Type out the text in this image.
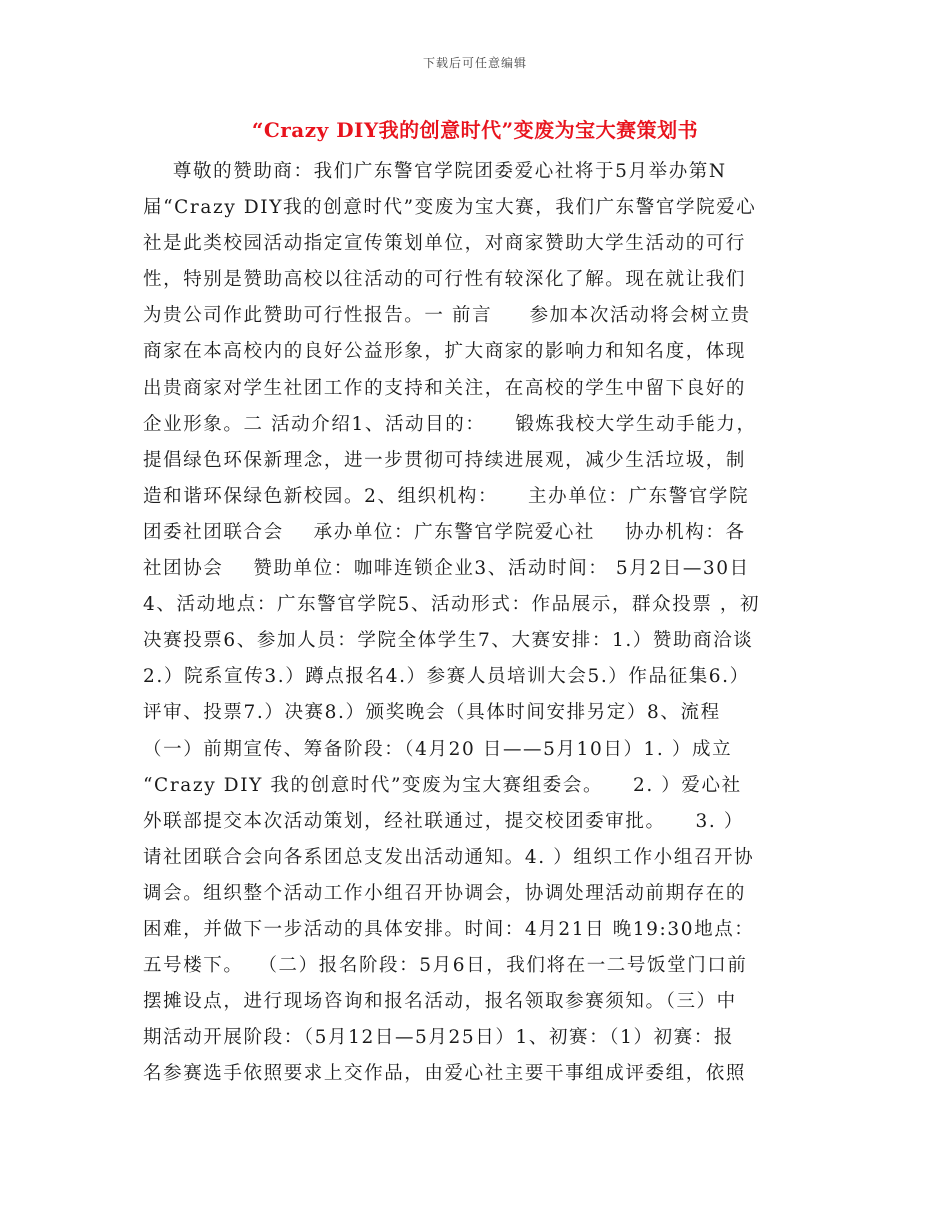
下载后可任意编辑
“Crazy DIY我的创意时代”变废为宝大赛策划书
尊敬的赞助商：我们广东警官学院团委爱心社将于5月举办第N
届“Crazy DIY我的创意时代”变废为宝大赛，我们广东警官学院爱心
社是此类校园活动指定宣传策划单位，对商家赞助大学生活动的可行
性，特别是赞助高校以往活动的可行性有较深化了解。现在就让我们
为贵公司作此赞助可行性报告。一 前言     参加本次活动将会树立贵
商家在本高校内的良好公益形象，扩大商家的影响力和知名度，体现
出贵商家对学生社团工作的支持和关注，在高校的学生中留下良好的
企业形象。二 活动介绍1、活动目的：    锻炼我校大学生动手能力，
提倡绿色环保新理念，进一步贯彻可持续进展观，减少生活垃圾，制
造和谐环保绿色新校园。2、组织机构：    主办单位：广东警官学院
团委社团联合会    承办单位：广东警官学院爱心社    协办机构：各
社团协会    赞助单位：咖啡连锁企业3、活动时间： 5月2日—30日
4、活动地点：广东警官学院5、活动形式：作品展示，群众投票 ，初
决赛投票6、参加人员：学院全体学生7、大赛安排：1.）赞助商洽谈
2.）院系宣传3.）蹲点报名4.）参赛人员培训大会5.）作品征集6.）
评审、投票7.）决赛8.）颁奖晚会（具体时间安排另定）8、流程
（一）前期宣传、筹备阶段：（4月20 日——5月10日）1. ）成立
“Crazy DIY 我的创意时代”变废为宝大赛组委会。    2. ）爱心社
外联部提交本次活动策划，经社联通过，提交校团委审批。    3. ）
请社团联合会向各系团总支发出活动通知。4. ）组织工作小组召开协
调会。组织整个活动工作小组召开协调会，协调处理活动前期存在的
困难，并做下一步活动的具体安排。时间：4月21日 晚19:30地点：
五号楼下。  （二）报名阶段：5月6日，我们将在一二号饭堂门口前
摆摊设点，进行现场咨询和报名活动，报名领取参赛须知。（三）中
期活动开展阶段：（5月12日—5月25日）1、初赛：（1）初赛：报
名参赛选手依照要求上交作品，由爱心社主要干事组成评委组，依照
